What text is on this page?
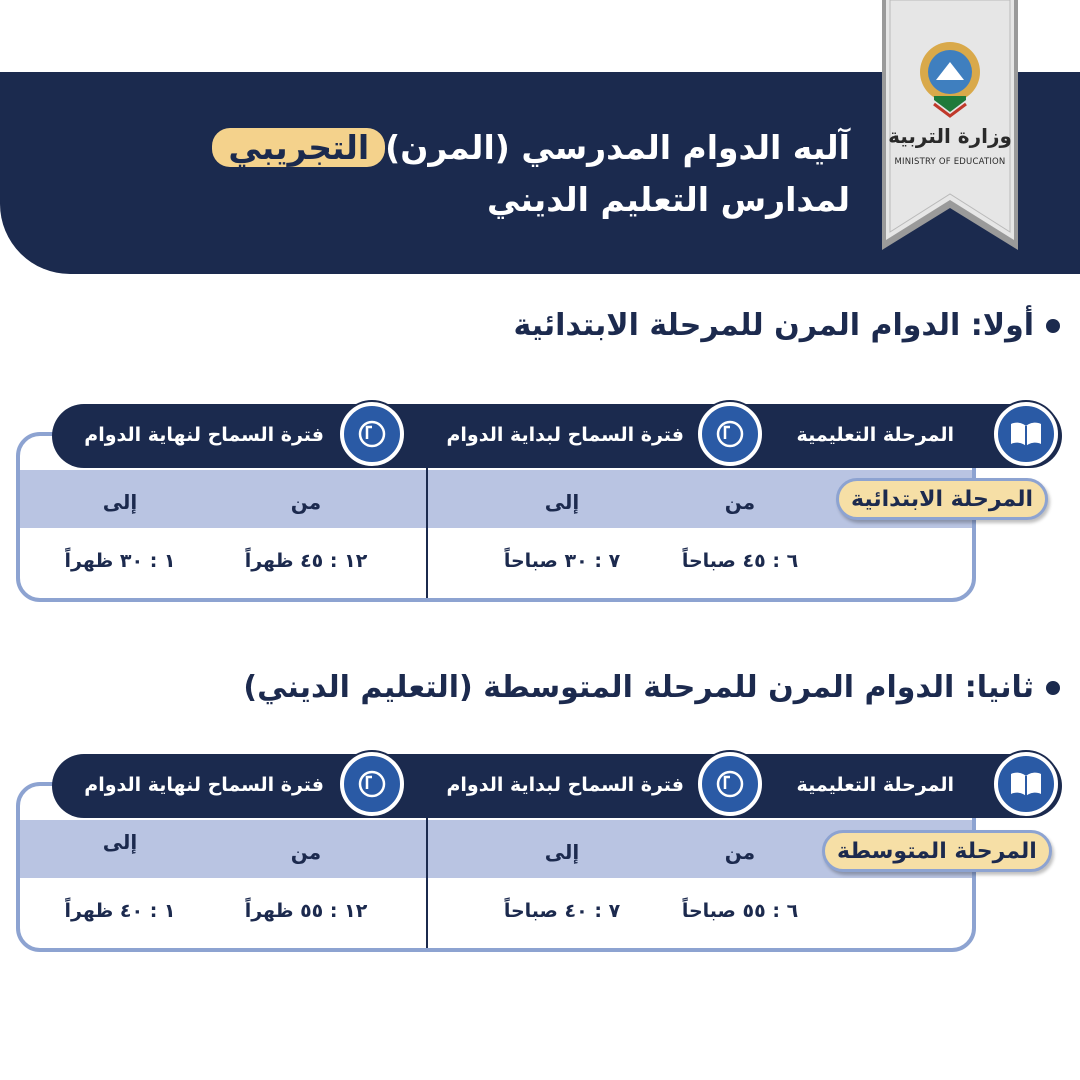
آليه الدوام المدرسي (المرن)التجريبي
لمدارس التعليم الديني
وزارة التربية
MINISTRY OF EDUCATION
أولا: الدوام المرن للمرحلة الابتدائية
من
إلى
من
إلى
٦ : ٤٥ صباحاً
٧ : ٣٠ صباحاً
١٢ : ٤٥ ظهراً
١ : ٣٠ ظهراً
المرحلة التعليمية
فترة السماح لبداية الدوام
فترة السماح لنهاية الدوام
المرحلة الابتدائية
ثانيا: الدوام المرن للمرحلة المتوسطة (التعليم الديني)
من
إلى
من
إلى
٦ : ٥٥ صباحاً
٧ : ٤٠ صباحاً
١٢ : ٥٥ ظهراً
١ : ٤٠ ظهراً
المرحلة التعليمية
فترة السماح لبداية الدوام
فترة السماح لنهاية الدوام
المرحلة المتوسطة
